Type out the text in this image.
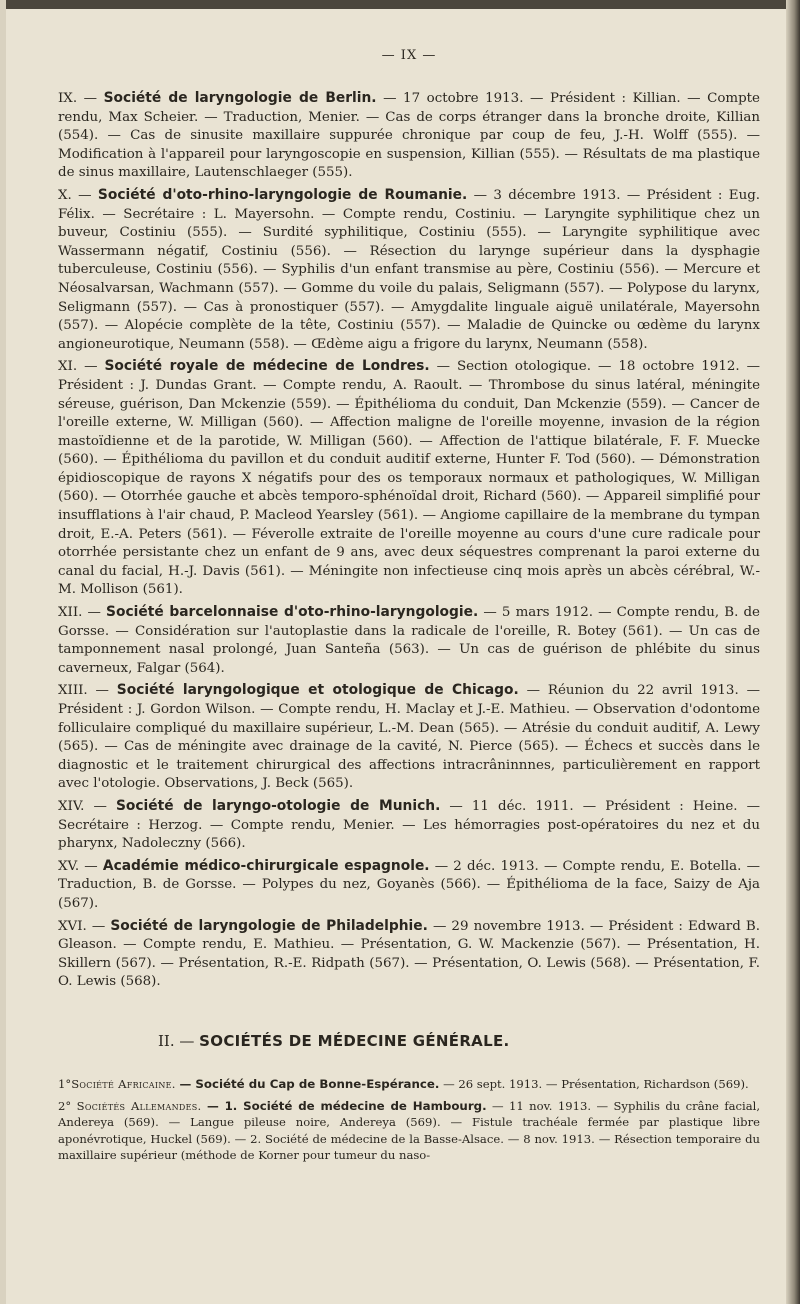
— IX —

IX. — Société de laryngologie de Berlin. — 17 octobre 1913. — Président : Killian. — Compte rendu, Max Scheier. — Traduction, Menier. — Cas de corps étranger dans la bronche droite, Killian (554). — Cas de sinusite maxillaire suppurée chronique par coup de feu, J.-H. Wolff (555). — Modification à l'appareil pour laryngoscopie en suspension, Killian (555). — Résultats de ma plastique de sinus maxillaire, Lautenschlaeger (555).

X. — Société d'oto-rhino-laryngologie de Roumanie. — 3 décembre 1913. — Président : Eug. Félix. — Secrétaire : L. Mayersohn. — Compte rendu, Costiniu. — Laryngite syphilitique chez un buveur, Costiniu (555). — Surdité syphilitique, Costiniu (555). — Laryngite syphilitique avec Wassermann négatif, Costiniu (556). — Résection du larynge supérieur dans la dysphagie tuberculeuse, Costiniu (556). — Syphilis d'un enfant transmise au père, Costiniu (556). — Mercure et Néosalvarsan, Wachmann (557). — Gomme du voile du palais, Seligmann (557). — Polypose du larynx, Seligmann (557). — Cas à pronostiquer (557). — Amygdalite linguale aiguë unilatérale, Mayersohn (557). — Alopécie complète de la tête, Costiniu (557). — Maladie de Quincke ou œdème du larynx angioneurotique, Neumann (558). — Œdème aigu a frigore du larynx, Neumann (558).

XI. — Société royale de médecine de Londres. — Section otologique. — 18 octobre 1912. — Président : J. Dundas Grant. — Compte rendu, A. Raoult. — Thrombose du sinus latéral, méningite séreuse, guérison, Dan Mckenzie (559). — Épithélioma du conduit, Dan Mckenzie (559). — Cancer de l'oreille externe, W. Milligan (560). — Affection maligne de l'oreille moyenne, invasion de la région mastoïdienne et de la parotide, W. Milligan (560). — Affection de l'attique bilatérale, F. F. Muecke (560). — Épithélioma du pavillon et du conduit auditif externe, Hunter F. Tod (560). — Démonstration épidioscopique de rayons X négatifs pour des os temporaux normaux et pathologiques, W. Milligan (560). — Otorrhée gauche et abcès temporo-sphénoïdal droit, Richard (560). — Appareil simplifié pour insufflations à l'air chaud, P. Macleod Yearsley (561). — Angiome capillaire de la membrane du tympan droit, E.-A. Peters (561). — Féverolle extraite de l'oreille moyenne au cours d'une cure radicale pour otorrhée persistante chez un enfant de 9 ans, avec deux séquestres comprenant la paroi externe du canal du facial, H.-J. Davis (561). — Méningite non infectieuse cinq mois après un abcès cérébral, W.-M. Mollison (561).

XII. — Société barcelonnaise d'oto-rhino-laryngologie. — 5 mars 1912. — Compte rendu, B. de Gorsse. — Considération sur l'autoplastie dans la radicale de l'oreille, R. Botey (561). — Un cas de tamponnement nasal prolongé, Juan Santeña (563). — Un cas de guérison de phlébite du sinus caverneux, Falgar (564).

XIII. — Société laryngologique et otologique de Chicago. — Réunion du 22 avril 1913. — Président : J. Gordon Wilson. — Compte rendu, H. Maclay et J.-E. Mathieu. — Observation d'odontome folliculaire compliqué du maxillaire supérieur, L.-M. Dean (565). — Atrésie du conduit auditif, A. Lewy (565). — Cas de méningite avec drainage de la cavité, N. Pierce (565). — Échecs et succès dans le diagnostic et le traitement chirurgical des affections intracrâninnnes, particulièrement en rapport avec l'otologie. Observations, J. Beck (565).

XIV. — Société de laryngo-otologie de Munich. — 11 déc. 1911. — Président : Heine. — Secrétaire : Herzog. — Compte rendu, Menier. — Les hémorragies post-opératoires du nez et du pharynx, Nadoleczny (566).

XV. — Académie médico-chirurgicale espagnole. — 2 déc. 1913. — Compte rendu, E. Botella. — Traduction, B. de Gorsse. — Polypes du nez, Goyanès (566). — Épithélioma de la face, Saizy de Aja (567).

XVI. — Société de laryngologie de Philadelphie. — 29 novembre 1913. — Président : Edward B. Gleason. — Compte rendu, E. Mathieu. — Présentation, G. W. Mackenzie (567). — Présentation, H. Skillern (567). — Présentation, R.-E. Ridpath (567). — Présentation, O. Lewis (568). — Présentation, F. O. Lewis (568).

II. — SOCIÉTÉS DE MÉDECINE GÉNÉRALE.

1°Société Africaine. — Société du Cap de Bonne-Espérance. — 26 sept. 1913. — Présentation, Richardson (569).

2° Sociétés Allemandes. — 1. Société de médecine de Hambourg. — 11 nov. 1913. — Syphilis du crâne facial, Andereya (569). — Langue pileuse noire, Andereya (569). — Fistule trachéale fermée par plastique libre aponévrotique, Huckel (569). — 2. Société de médecine de la Basse-Alsace. — 8 nov. 1913. — Résection temporaire du maxillaire supérieur (méthode de Korner pour tumeur du naso-
